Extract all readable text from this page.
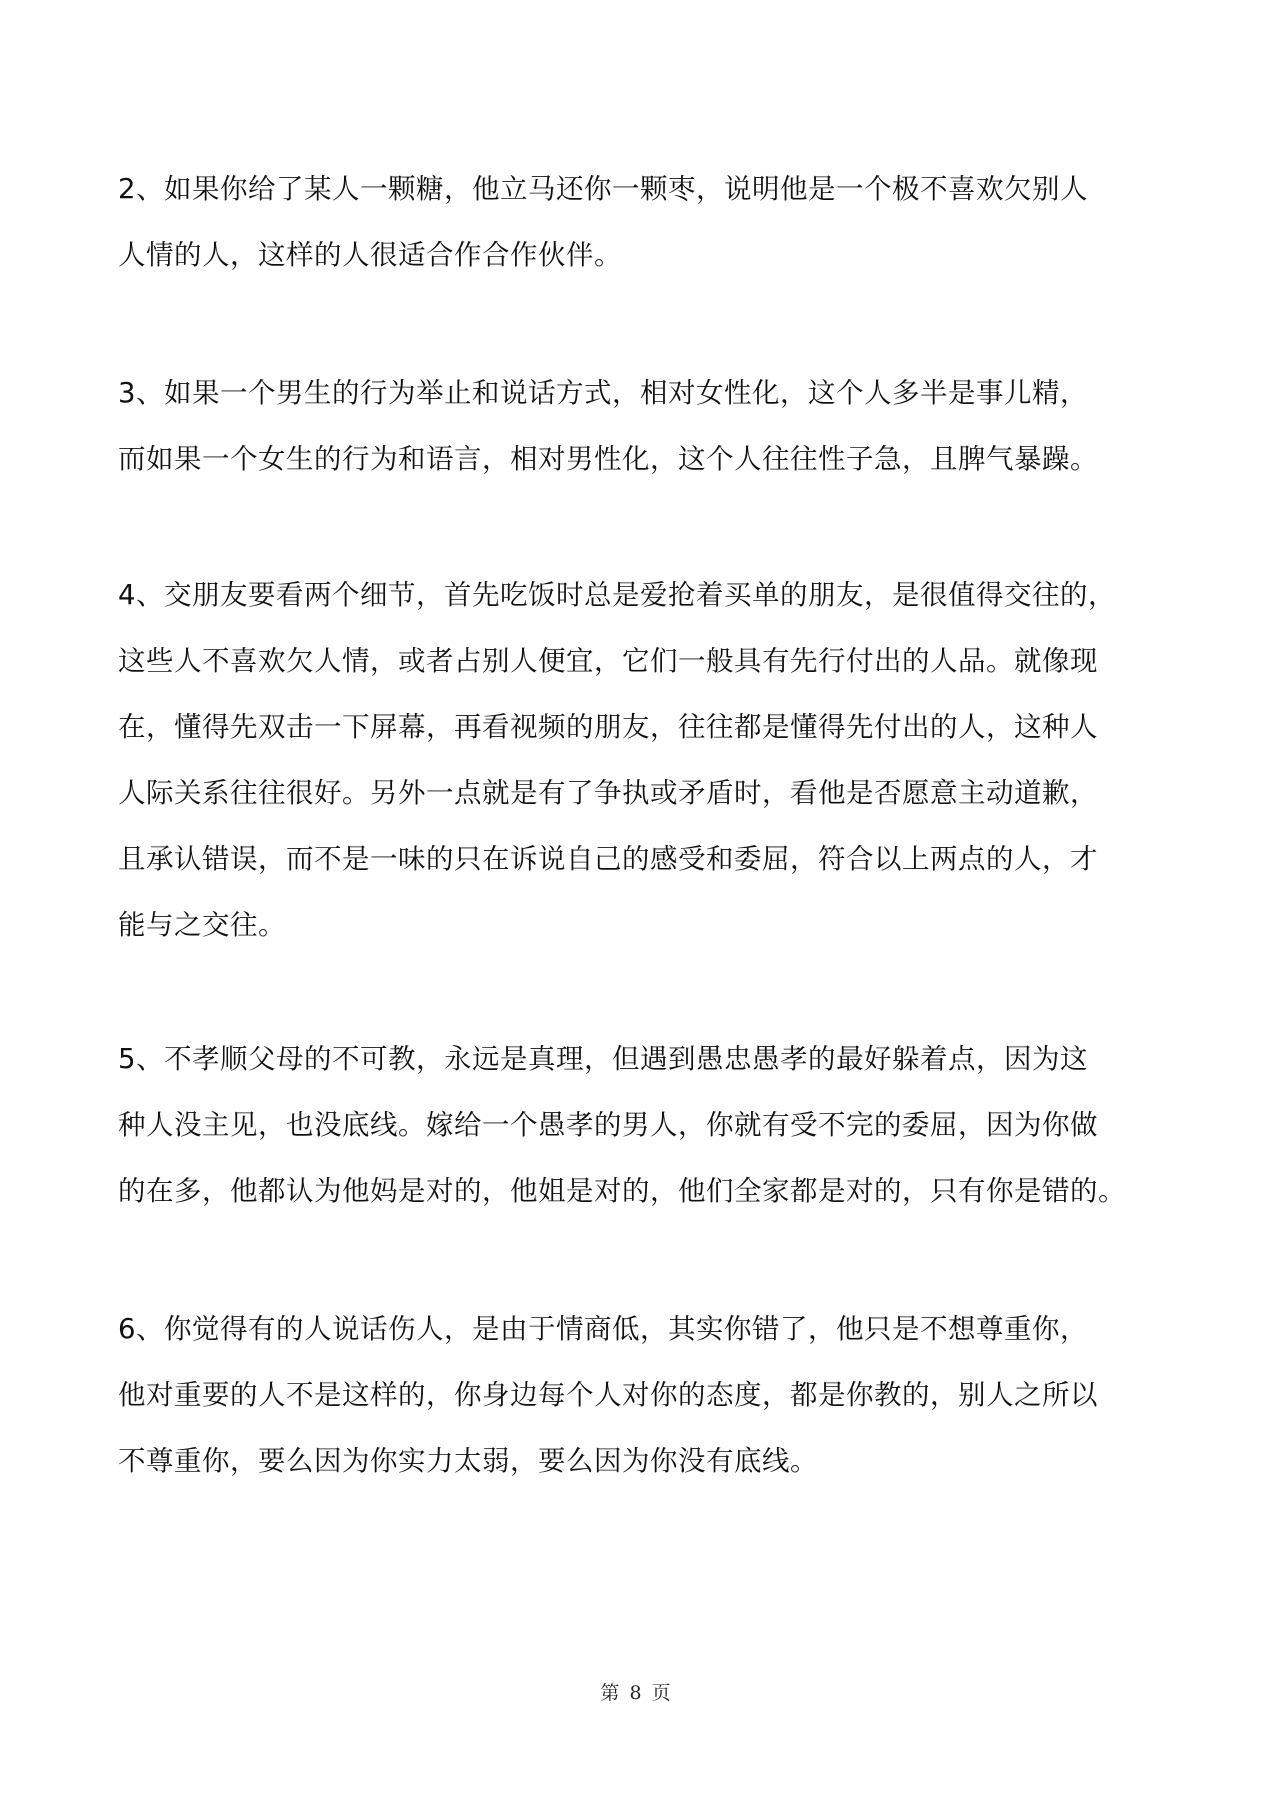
2、如果你给了某人一颗糖，他立马还你一颗枣，说明他是一个极不喜欢欠别人
人情的人，这样的人很适合作合作伙伴。
3、如果一个男生的行为举止和说话方式，相对女性化，这个人多半是事儿精，
而如果一个女生的行为和语言，相对男性化，这个人往往性子急，且脾气暴躁。
4、交朋友要看两个细节，首先吃饭时总是爱抢着买单的朋友，是很值得交往的，
这些人不喜欢欠人情，或者占别人便宜，它们一般具有先行付出的人品。就像现
在，懂得先双击一下屏幕，再看视频的朋友，往往都是懂得先付出的人，这种人
人际关系往往很好。另外一点就是有了争执或矛盾时，看他是否愿意主动道歉，
且承认错误，而不是一味的只在诉说自己的感受和委屈，符合以上两点的人，才
能与之交往。
5、不孝顺父母的不可教，永远是真理，但遇到愚忠愚孝的最好躲着点，因为这
种人没主见，也没底线。嫁给一个愚孝的男人，你就有受不完的委屈，因为你做
的在多，他都认为他妈是对的，他姐是对的，他们全家都是对的，只有你是错的。
6、你觉得有的人说话伤人，是由于情商低，其实你错了，他只是不想尊重你，
他对重要的人不是这样的，你身边每个人对你的态度，都是你教的，别人之所以
不尊重你，要么因为你实力太弱，要么因为你没有底线。
第 8 页
